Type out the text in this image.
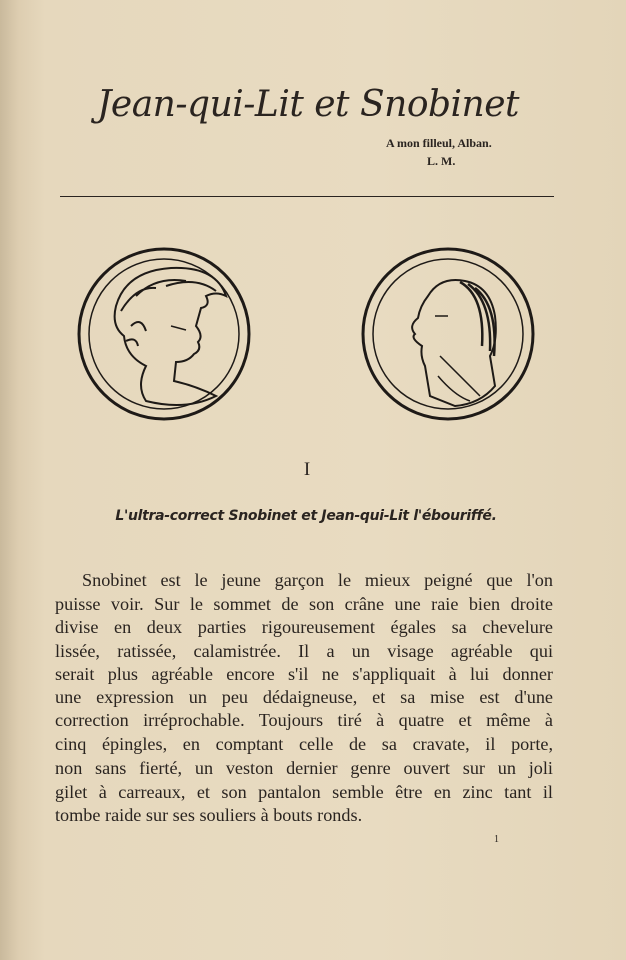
Jean-qui-Lit et Snobinet
A mon filleul, Alban.
L. M.
I
L'ultra-correct Snobinet et Jean-qui-Lit l'ébouriffé.
Snobinet est le jeune garçon le mieux peigné que l'on
puisse voir. Sur le sommet de son crâne une raie bien droite
divise en deux parties rigoureusement égales sa chevelure
lissée, ratissée, calamistrée. Il a un visage agréable qui
serait plus agréable encore s'il ne s'appliquait à lui donner
une expression un peu dédaigneuse, et sa mise est d'une
correction irréprochable. Toujours tiré à quatre et même à
cinq épingles, en comptant celle de sa cravate, il porte,
non sans fierté, un veston dernier genre ouvert sur un joli
gilet à carreaux, et son pantalon semble être en zinc tant il
tombe raide sur ses souliers à bouts ronds.
1
